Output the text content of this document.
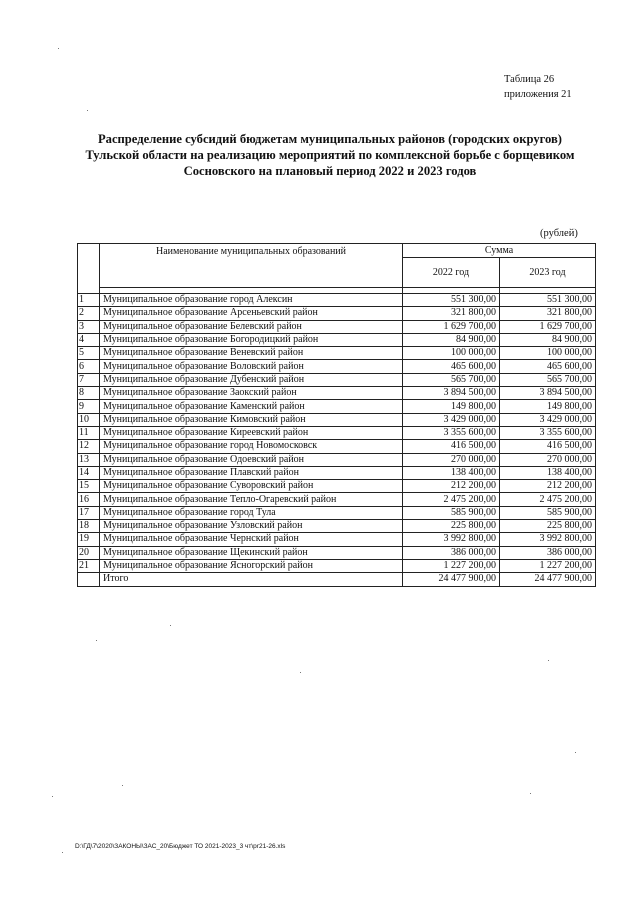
Таблица 26
приложения 21
Распределение субсидий бюджетам муниципальных районов (городских округов)
Тульской области на реализацию мероприятий по комплексной борьбе с борщевиком
Сосновского на плановый период 2022 и 2023 годов
(рублей)
	Наименование муниципальных образований	Сумма	
		2022 год	2023 год

1	Муниципальное образование город Алексин	551 300,00	551 300,00
2	Муниципальное образование Арсеньевский район	321 800,00	321 800,00
3	Муниципальное образование Белевский район	1 629 700,00	1 629 700,00
4	Муниципальное образование Богородицкий район	84 900,00	84 900,00
5	Муниципальное образование Веневский район	100 000,00	100 000,00
6	Муниципальное образование Воловский район	465 600,00	465 600,00
7	Муниципальное образование Дубенский район	565 700,00	565 700,00
8	Муниципальное образование Заокский район	3 894 500,00	3 894 500,00
9	Муниципальное образование Каменский район	149 800,00	149 800,00
10	Муниципальное образование Кимовский район	3 429 000,00	3 429 000,00
11	Муниципальное образование Киреевский район	3 355 600,00	3 355 600,00
12	Муниципальное образование город Новомосковск	416 500,00	416 500,00
13	Муниципальное образование Одоевский район	270 000,00	270 000,00
14	Муниципальное образование Плавский район	138 400,00	138 400,00
15	Муниципальное образование Суворовский район	212 200,00	212 200,00
16	Муниципальное образование Тепло-Огаревский район	2 475 200,00	2 475 200,00
17	Муниципальное образование город Тула	585 900,00	585 900,00
18	Муниципальное образование Узловский район	225 800,00	225 800,00
19	Муниципальное образование Чернский район	3 992 800,00	3 992 800,00
20	Муниципальное образование Щекинский район	386 000,00	386 000,00
21	Муниципальное образование Ясногорский район	1 227 200,00	1 227 200,00
	Итого	24 477 900,00	24 477 900,00
D:\ГД\7\2020\ЗАКОНЫ\ЗАС_20\Бюджет ТО 2021-2023_3 чт\pr21-26.xls
